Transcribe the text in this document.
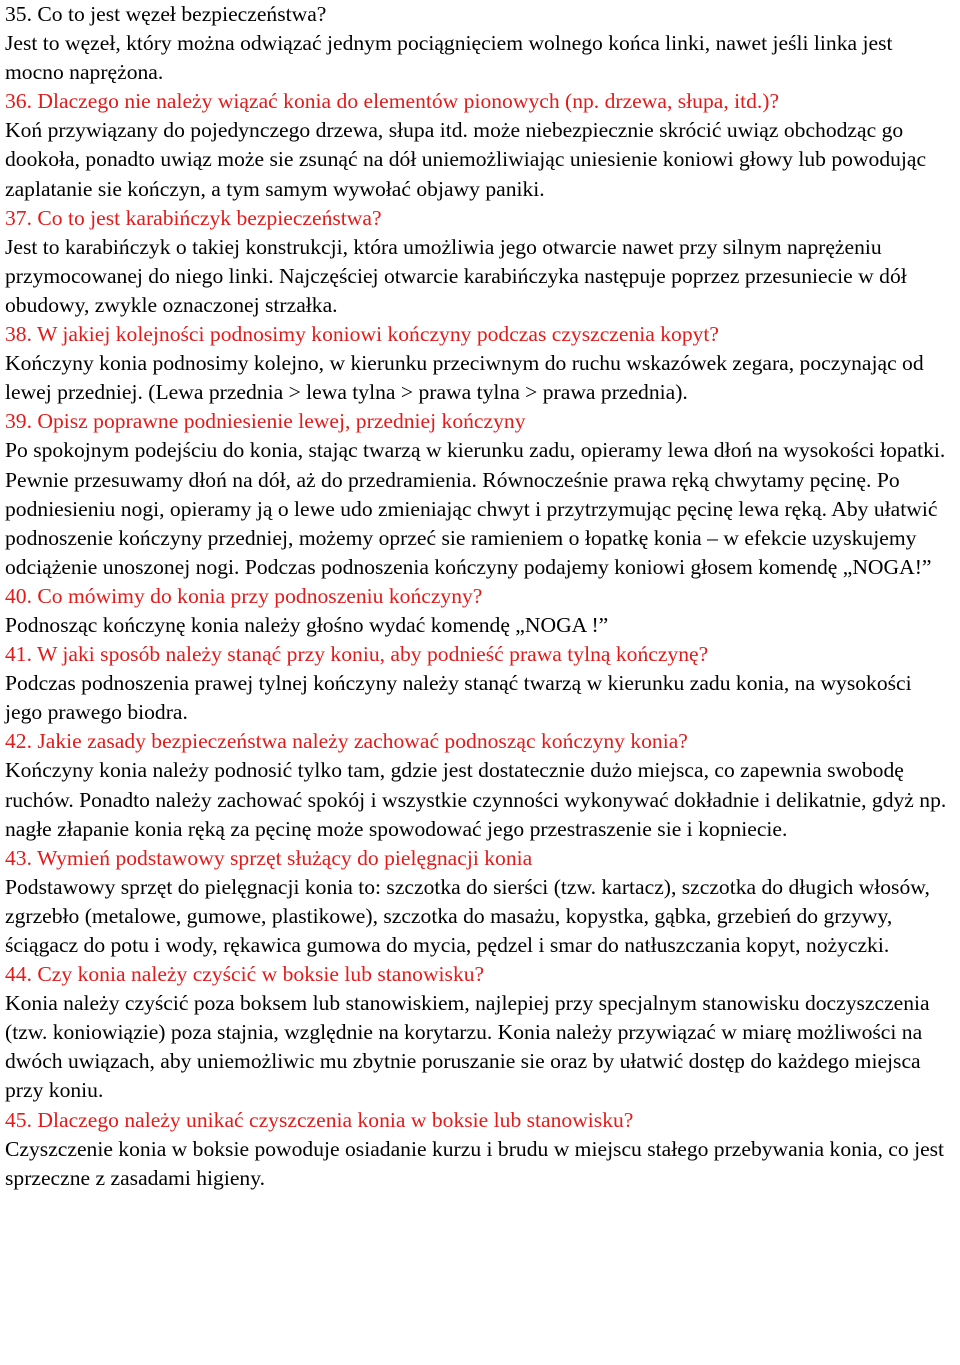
35. Co to jest węzeł bezpieczeństwa?

Jest to węzeł, który można odwiązać jednym pociągnięciem wolnego końca linki, nawet jeśli linka jest mocno naprężona.

36. Dlaczego nie należy wiązać konia do elementów pionowych (np. drzewa, słupa, itd.)?

Koń przywiązany do pojedynczego drzewa, słupa itd. może niebezpiecznie skrócić uwiąz obchodząc go dookoła, ponadto uwiąz może sie zsunąć na dół uniemożliwiając uniesienie koniowi głowy lub powodując zaplatanie sie kończyn, a tym samym wywołać objawy paniki.

37. Co to jest karabińczyk bezpieczeństwa?

Jest to karabińczyk o takiej konstrukcji, która umożliwia jego otwarcie nawet przy silnym naprężeniu przymocowanej do niego linki. Najczęściej otwarcie karabińczyka następuje poprzez przesuniecie w dół obudowy, zwykle oznaczonej strzałka.

38. W jakiej kolejności podnosimy koniowi kończyny podczas czyszczenia kopyt?

Kończyny konia podnosimy kolejno, w kierunku przeciwnym do ruchu wskazówek zegara, poczynając od lewej przedniej. (Lewa przednia > lewa tylna > prawa tylna > prawa przednia).

39. Opisz poprawne podniesienie lewej, przedniej kończyny

Po spokojnym podejściu do konia, stając twarzą w kierunku zadu, opieramy lewa dłoń na wysokości łopatki. Pewnie przesuwamy dłoń na dół, aż do przedramienia. Równocześnie prawa ręką chwytamy pęcinę. Po podniesieniu nogi, opieramy ją o lewe udo zmieniając chwyt i przytrzymując pęcinę lewa ręką. Aby ułatwić podnoszenie kończyny przedniej, możemy oprzeć sie ramieniem o łopatkę konia – w efekcie uzyskujemy odciążenie unoszonej nogi. Podczas podnoszenia kończyny podajemy koniowi głosem komendę „NOGA!”

40. Co mówimy do konia przy podnoszeniu kończyny?

Podnosząc kończynę konia należy głośno wydać komendę „NOGA !”

41. W jaki sposób należy stanąć przy koniu, aby podnieść prawa tylną kończynę?

Podczas podnoszenia prawej tylnej kończyny należy stanąć twarzą w kierunku zadu konia, na wysokości jego prawego biodra.

42. Jakie zasady bezpieczeństwa należy zachować podnosząc kończyny konia?

Kończyny konia należy podnosić tylko tam, gdzie jest dostatecznie dużo miejsca, co zapewnia swobodę ruchów. Ponadto należy zachować spokój i wszystkie czynności wykonywać dokładnie i delikatnie, gdyż np. nagłe złapanie konia ręką za pęcinę może spowodować jego przestraszenie sie i kopniecie.

43. Wymień podstawowy sprzęt służący do pielęgnacji konia

Podstawowy sprzęt do pielęgnacji konia to: szczotka do sierści (tzw. kartacz), szczotka do długich włosów, zgrzebło (metalowe, gumowe, plastikowe), szczotka do masażu, kopystka, gąbka, grzebień do grzywy, ściągacz do potu i wody, rękawica gumowa do mycia, pędzel i smar do natłuszczania kopyt, nożyczki.

44. Czy konia należy czyścić w boksie lub stanowisku?

Konia należy czyścić poza boksem lub stanowiskiem, najlepiej przy specjalnym stanowisku doczyszczenia (tzw. koniowiązie) poza stajnia, względnie na korytarzu. Konia należy przywiązać w miarę możliwości na dwóch uwiązach, aby uniemożliwic mu zbytnie poruszanie sie oraz by ułatwić dostęp do każdego miejsca przy koniu.

45. Dlaczego należy unikać czyszczenia konia w boksie lub stanowisku?

Czyszczenie konia w boksie powoduje osiadanie kurzu i brudu w miejscu stałego przebywania konia, co jest sprzeczne z zasadami higieny.
